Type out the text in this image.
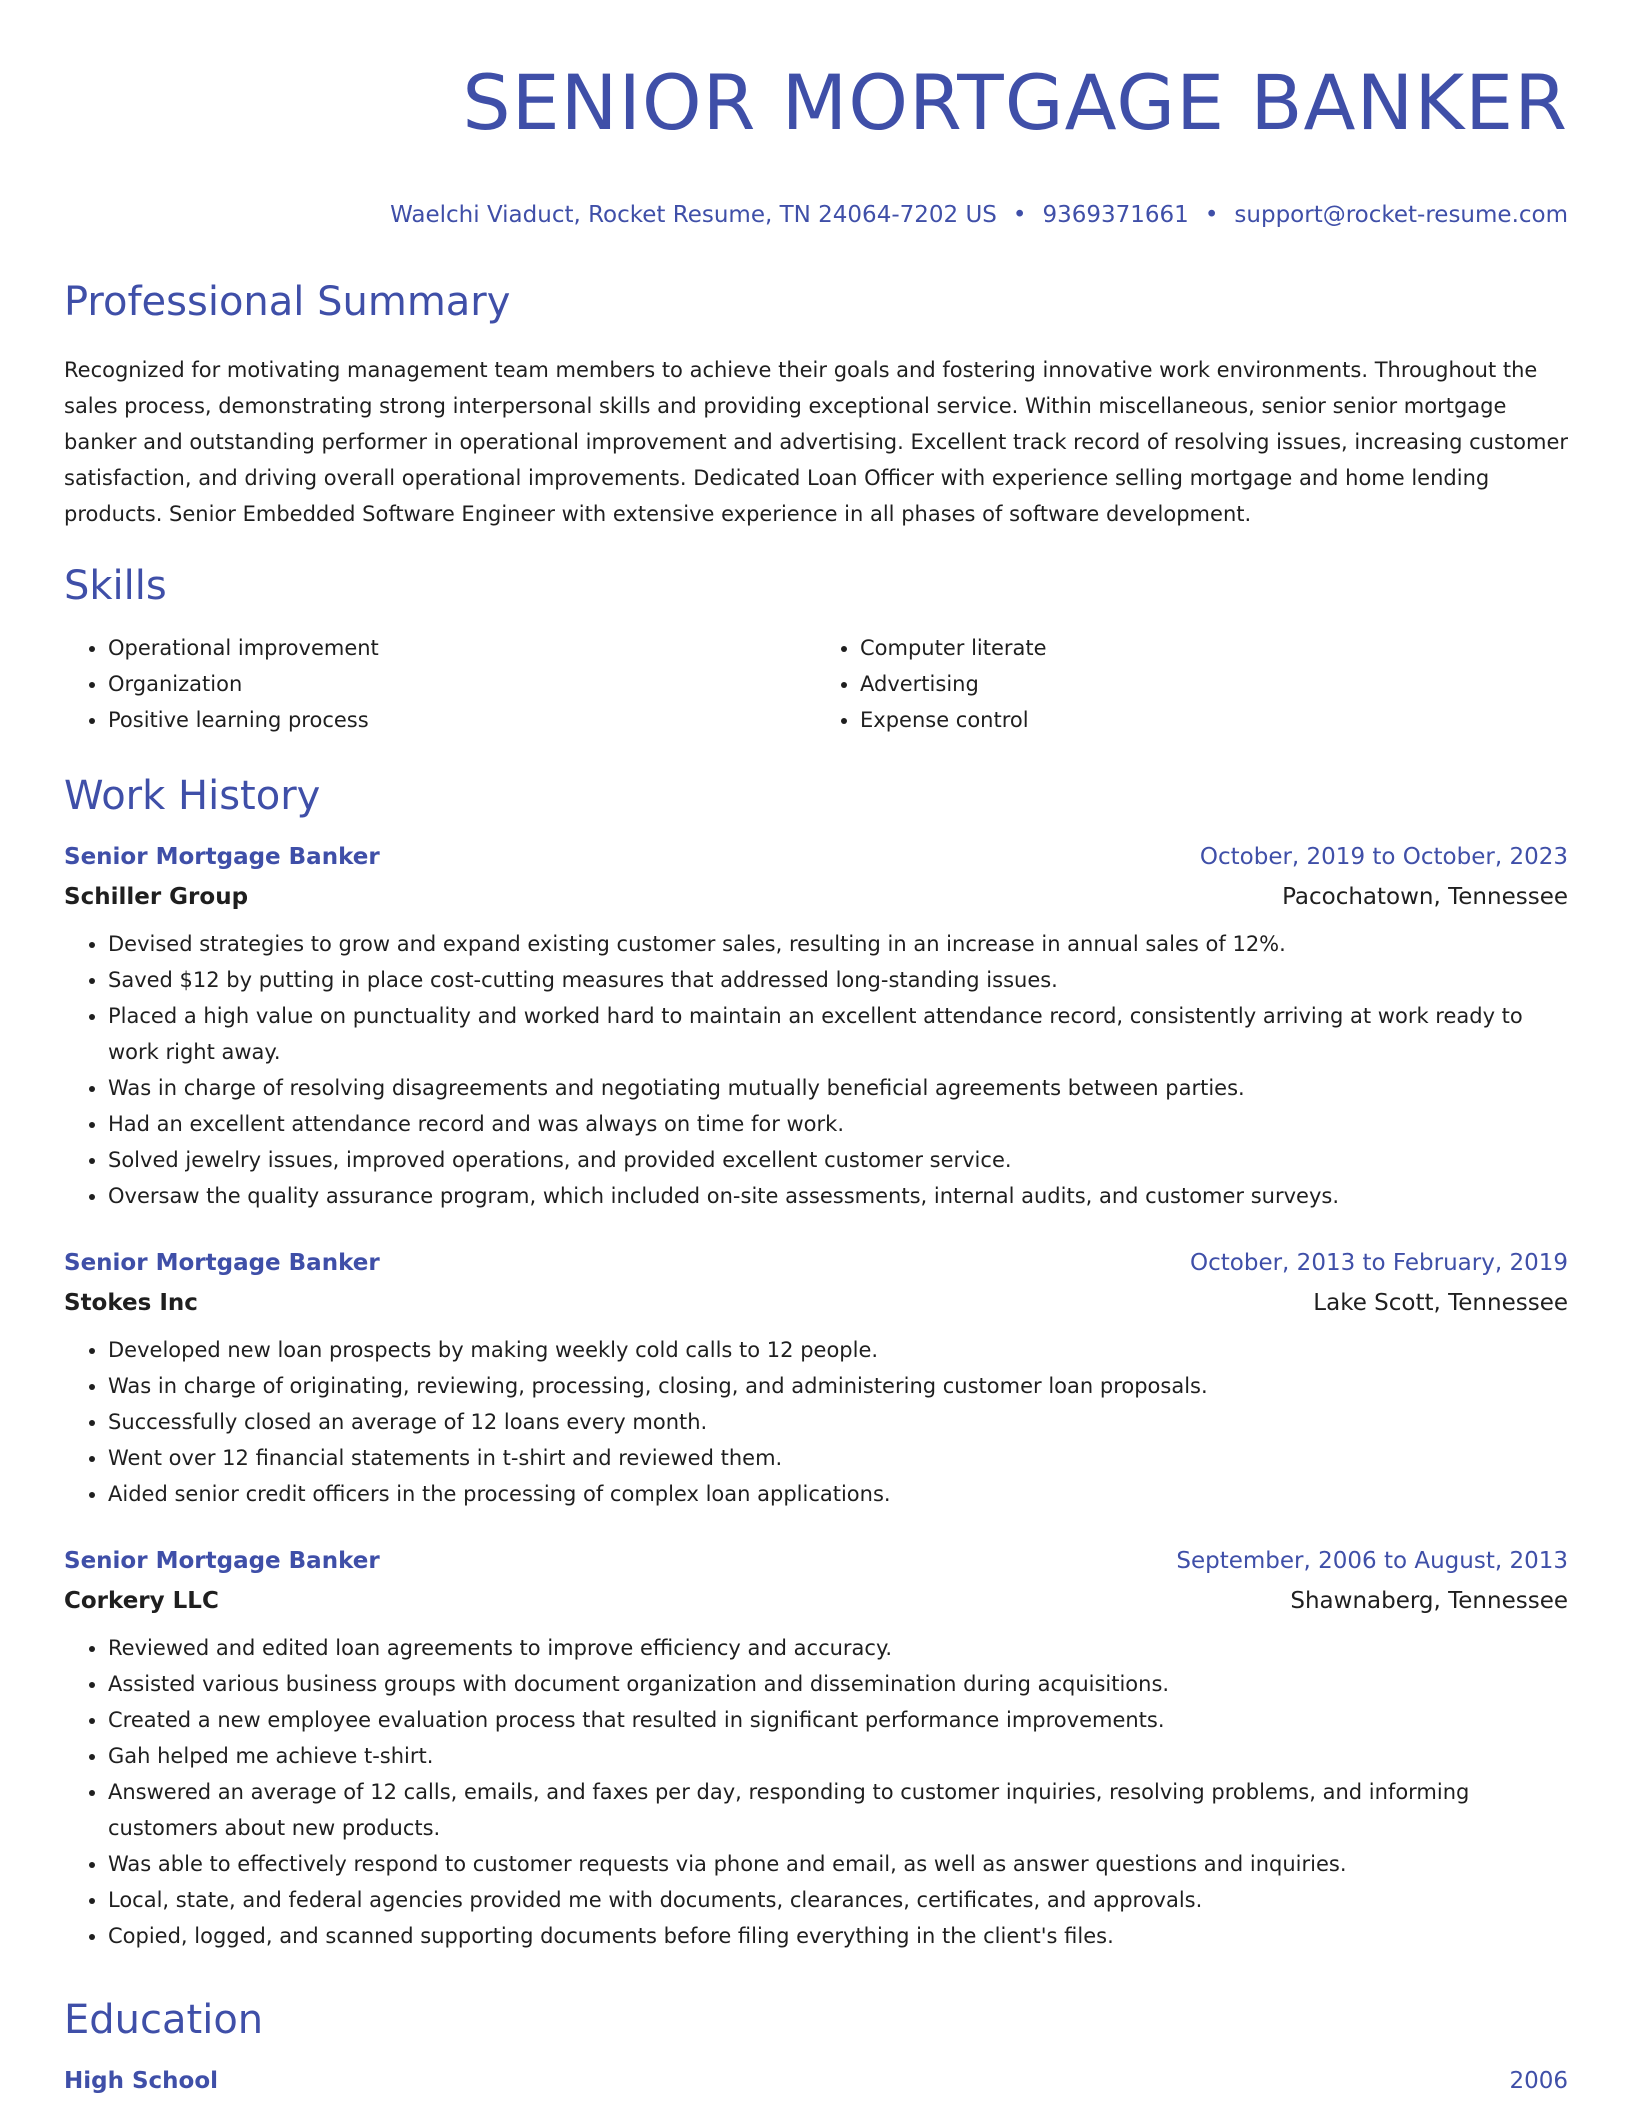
SENIOR MORTGAGE BANKER
Waelchi Viaduct, Rocket Resume, TN 24064-7202 US • 9369371661 • support@rocket-resume.com
Professional Summary
Recognized for motivating management team members to achieve their goals and fostering innovative work environments. Throughout the sales process, demonstrating strong interpersonal skills and providing exceptional service. Within miscellaneous, senior senior mortgage banker and outstanding performer in operational improvement and advertising. Excellent track record of resolving issues, increasing customer satisfaction, and driving overall operational improvements. Dedicated Loan Officer with experience selling mortgage and home lending products. Senior Embedded Software Engineer with extensive experience in all phases of software development.
Skills
• Operational improvement
• Organization
• Positive learning process
• Computer literate
• Advertising
• Expense control
Work History
Senior Mortgage Banker	October, 2019 to October, 2023
Schiller Group	Pacochatown, Tennessee
• Devised strategies to grow and expand existing customer sales, resulting in an increase in annual sales of 12%.
• Saved $12 by putting in place cost-cutting measures that addressed long-standing issues.
• Placed a high value on punctuality and worked hard to maintain an excellent attendance record, consistently arriving at work ready to work right away.
• Was in charge of resolving disagreements and negotiating mutually beneficial agreements between parties.
• Had an excellent attendance record and was always on time for work.
• Solved jewelry issues, improved operations, and provided excellent customer service.
• Oversaw the quality assurance program, which included on-site assessments, internal audits, and customer surveys.
Senior Mortgage Banker	October, 2013 to February, 2019
Stokes Inc	Lake Scott, Tennessee
• Developed new loan prospects by making weekly cold calls to 12 people.
• Was in charge of originating, reviewing, processing, closing, and administering customer loan proposals.
• Successfully closed an average of 12 loans every month.
• Went over 12 financial statements in t-shirt and reviewed them.
• Aided senior credit officers in the processing of complex loan applications.
Senior Mortgage Banker	September, 2006 to August, 2013
Corkery LLC	Shawnaberg, Tennessee
• Reviewed and edited loan agreements to improve efficiency and accuracy.
• Assisted various business groups with document organization and dissemination during acquisitions.
• Created a new employee evaluation process that resulted in significant performance improvements.
• Gah helped me achieve t-shirt.
• Answered an average of 12 calls, emails, and faxes per day, responding to customer inquiries, resolving problems, and informing customers about new products.
• Was able to effectively respond to customer requests via phone and email, as well as answer questions and inquiries.
• Local, state, and federal agencies provided me with documents, clearances, certificates, and approvals.
• Copied, logged, and scanned supporting documents before filing everything in the client's files.
Education
High School	2006
